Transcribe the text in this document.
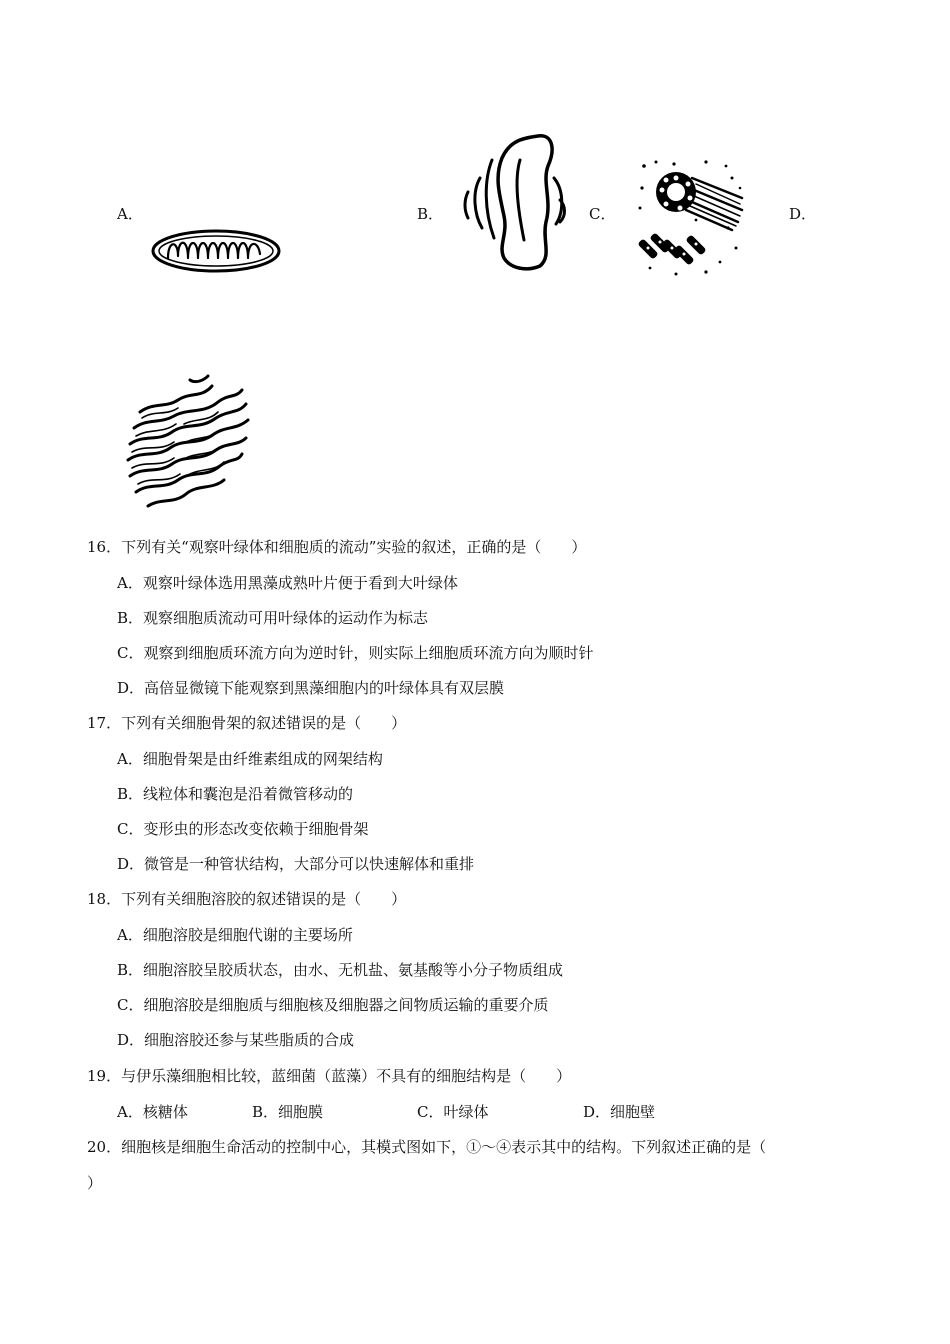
A．	B．	C．	D．
16．下列有关“观察叶绿体和细胞质的流动”实验的叙述，正确的是（　　）
A．观察叶绿体选用黑藻成熟叶片便于看到大叶绿体
B．观察细胞质流动可用叶绿体的运动作为标志
C．观察到细胞质环流方向为逆时针，则实际上细胞质环流方向为顺时针
D．高倍显微镜下能观察到黑藻细胞内的叶绿体具有双层膜
17．下列有关细胞骨架的叙述错误的是（　　）
A．细胞骨架是由纤维素组成的网架结构
B．线粒体和囊泡是沿着微管移动的
C．变形虫的形态改变依赖于细胞骨架
D．微管是一种管状结构，大部分可以快速解体和重排
18．下列有关细胞溶胶的叙述错误的是（　　）
A．细胞溶胶是细胞代谢的主要场所
B．细胞溶胶呈胶质状态，由水、无机盐、氨基酸等小分子物质组成
C．细胞溶胶是细胞质与细胞核及细胞器之间物质运输的重要介质
D．细胞溶胶还参与某些脂质的合成
19．与伊乐藻细胞相比较，蓝细菌（蓝藻）不具有的细胞结构是（　　）
A．核糖体	B．细胞膜	C．叶绿体	D．细胞壁
20．细胞核是细胞生命活动的控制中心，其模式图如下，①～④表示其中的结构。下列叙述正确的是（
）
